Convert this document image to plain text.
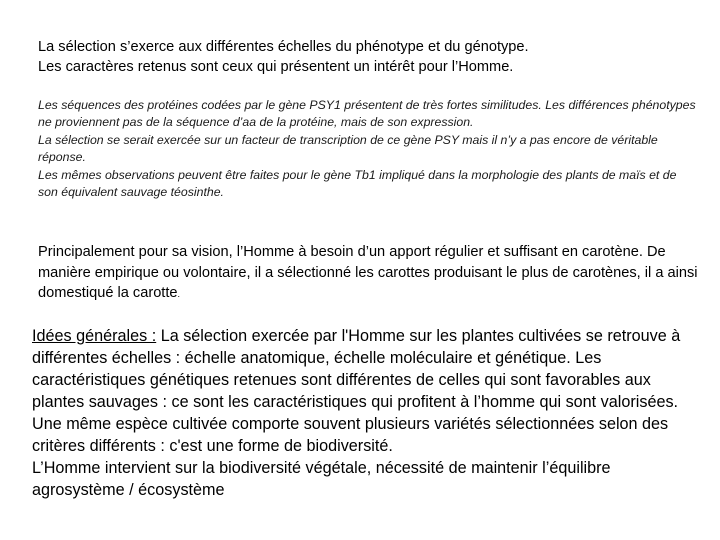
La sélection s’exerce aux différentes échelles du phénotype et du génotype.

Les caractères retenus sont ceux qui présentent un intérêt pour l’Homme.

Les séquences des protéines codées par le gène PSY1 présentent de très fortes similitudes. Les différences phénotypes ne proviennent pas de la séquence d’aa de la protéine, mais de son expression.

La sélection se serait exercée sur un facteur de transcription de ce gène PSY mais il n’y a pas encore de véritable réponse.

Les mêmes observations peuvent être faites pour le gène Tb1 impliqué dans la morphologie des plants de maïs et de son équivalent sauvage téosinthe.

Principalement pour sa vision, l’Homme à besoin d’un apport régulier et suffisant en carotène. De manière empirique ou volontaire, il a sélectionné les carottes produisant le plus de carotènes, il a ainsi domestiqué la carotte.

Idées générales : La sélection exercée par l'Homme sur les plantes cultivées se retrouve à différentes échelles : échelle anatomique, échelle moléculaire et génétique. Les caractéristiques génétiques retenues sont différentes de celles qui sont favorables aux plantes sauvages : ce sont les caractéristiques qui profitent à l’homme qui sont valorisées. Une même espèce cultivée comporte souvent plusieurs variétés sélectionnées selon des critères différents : c'est une forme de biodiversité.

L’Homme intervient sur la biodiversité végétale, nécessité de maintenir l’équilibre agrosystème / écosystème
